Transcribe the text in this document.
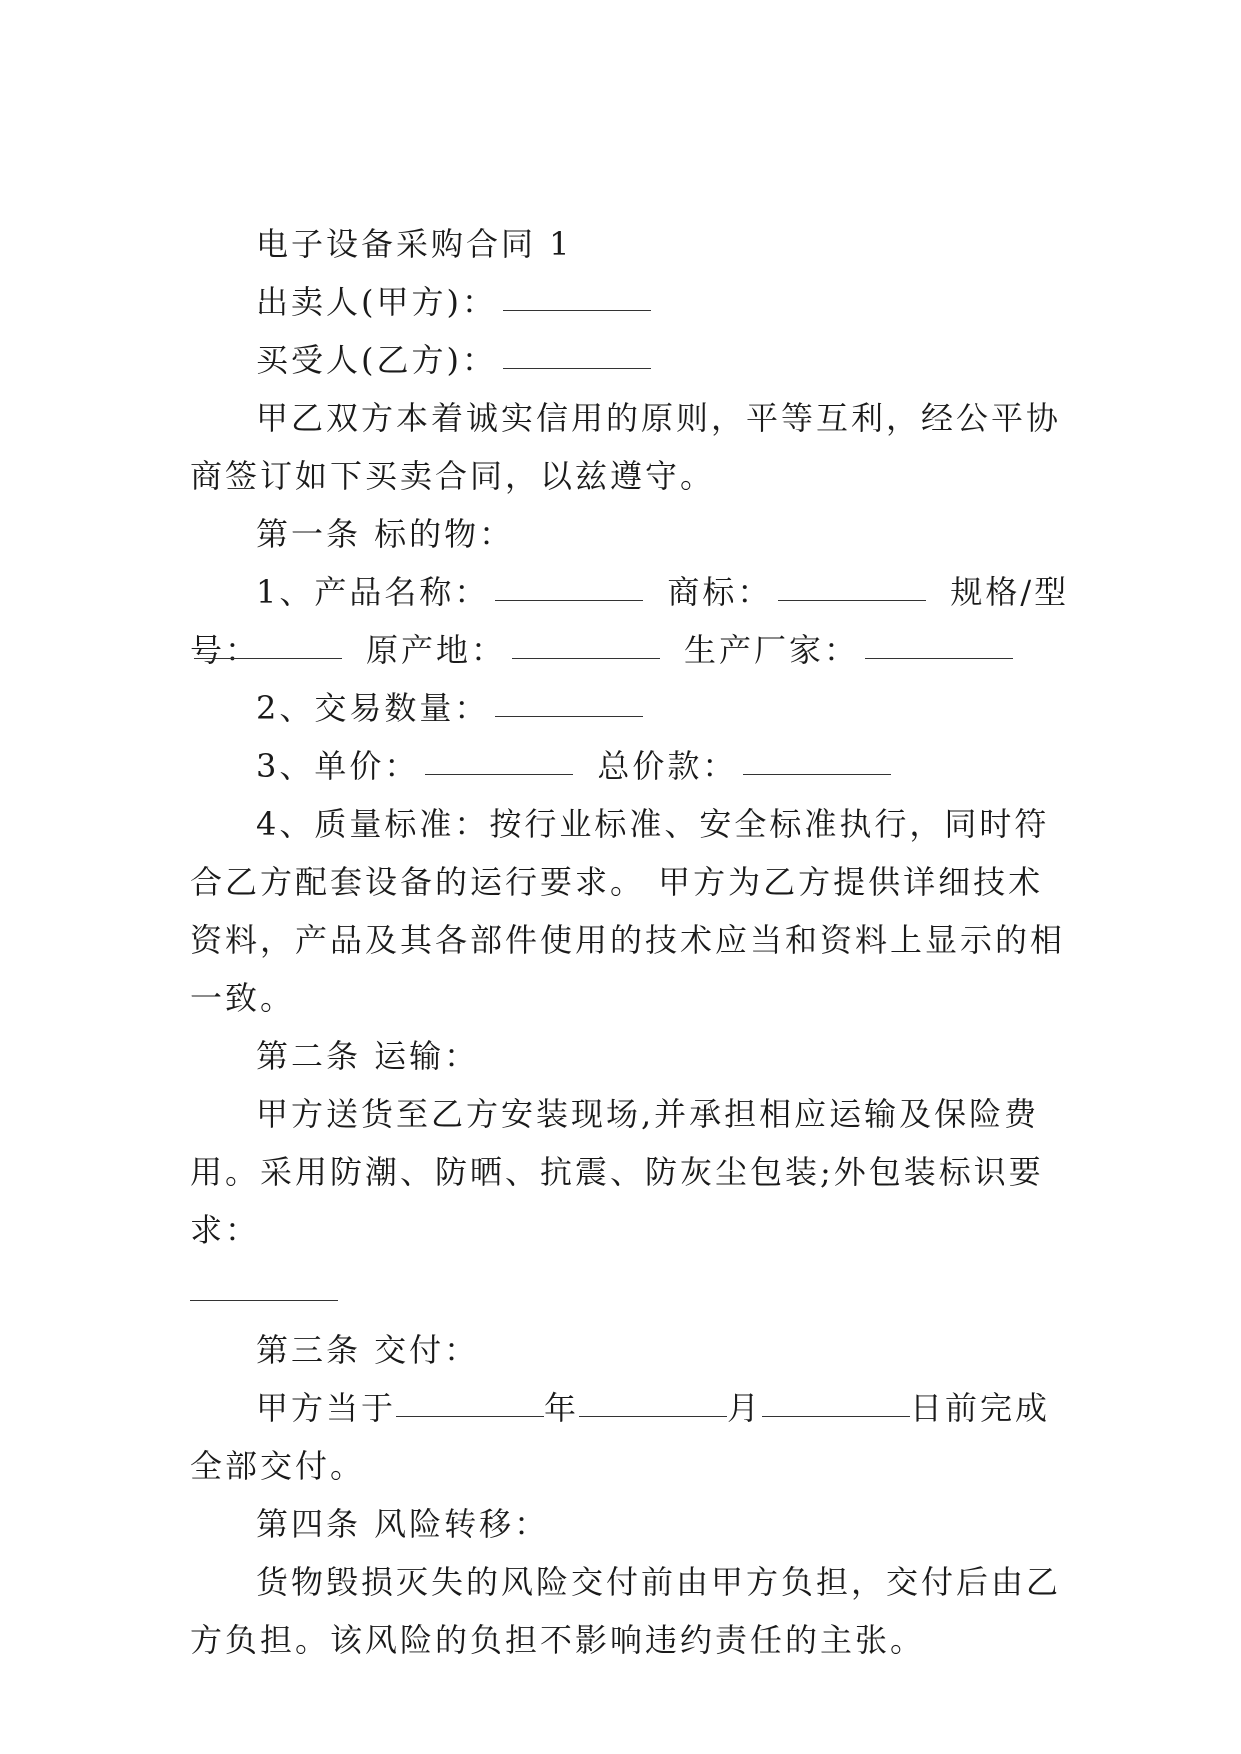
电子设备采购合同 1

出卖人(甲方)：

买受人(乙方)：

甲乙双方本着诚实信用的原则，平等互利，经公平协商签订如下买卖合同，以兹遵守。

第一条 标的物：

1、产品名称：	商标：	规格/型号：	原产地：	生产厂家：

2、交易数量：

3、单价：	总价款：

4、质量标准：按行业标准、安全标准执行，同时符合乙方配套设备的运行要求。 甲方为乙方提供详细技术资料，产品及其各部件使用的技术应当和资料上显示的相一致。

第二条 运输：

甲方送货至乙方安装现场,并承担相应运输及保险费用。采用防潮、防晒、抗震、防灰尘包装;外包装标识要求：

第三条 交付：

甲方当于	年	月	日前完成全部交付。

第四条 风险转移：

货物毁损灭失的风险交付前由甲方负担，交付后由乙方负担。该风险的负担不影响违约责任的主张。
